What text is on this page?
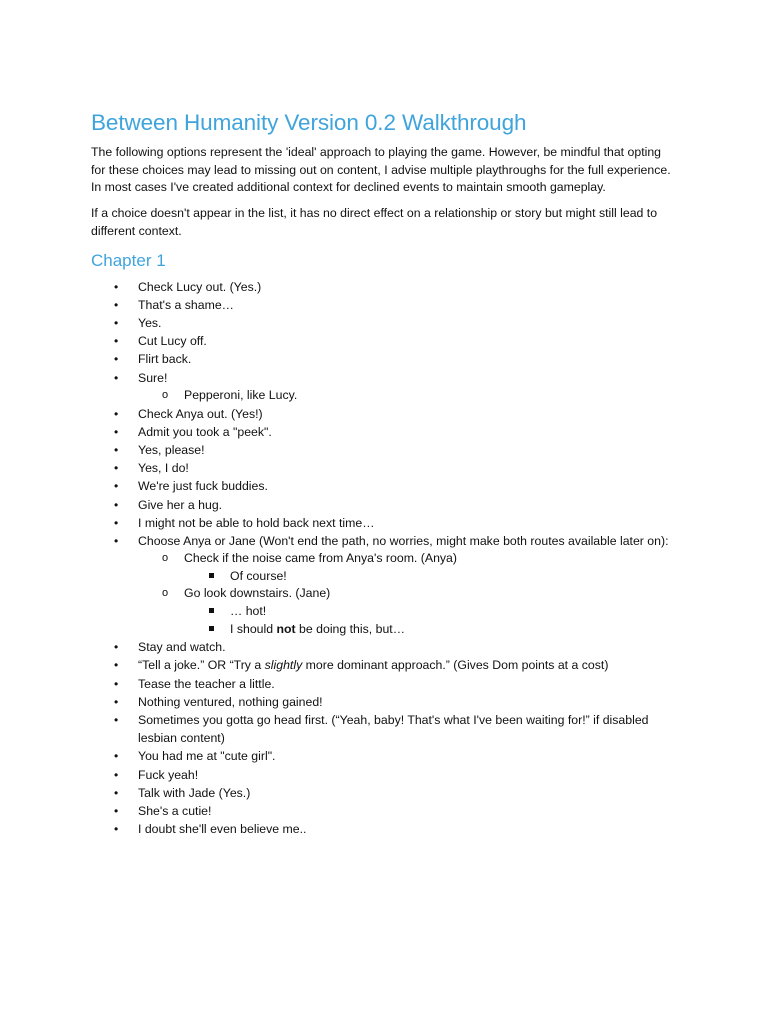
Between Humanity Version 0.2 Walkthrough

The following options represent the 'ideal' approach to playing the game. However, be mindful that opting for these choices may lead to missing out on content, I advise multiple playthroughs for the full experience. In most cases I've created additional context for declined events to maintain smooth gameplay.

If a choice doesn't appear in the list, it has no direct effect on a relationship or story but might still lead to different context.

Chapter 1
• Check Lucy out. (Yes.)
• That's a shame…
• Yes.
• Cut Lucy off.
• Flirt back.
• Sure!
o Pepperoni, like Lucy.
• Check Anya out. (Yes!)
• Admit you took a "peek".
• Yes, please!
• Yes, I do!
• We're just fuck buddies.
• Give her a hug.
• I might not be able to hold back next time…
• Choose Anya or Jane (Won't end the path, no worries, might make both routes available later on):
o Check if the noise came from Anya's room. (Anya)
Of course!
o Go look downstairs. (Jane)
… hot!
I should not be doing this, but…
• Stay and watch.
• “Tell a joke.” OR “Try a slightly more dominant approach.” (Gives Dom points at a cost)
• Tease the teacher a little.
• Nothing ventured, nothing gained!
• Sometimes you gotta go head first. (“Yeah, baby! That's what I've been waiting for!” if disabled lesbian content)
• You had me at "cute girl".
• Fuck yeah!
• Talk with Jade (Yes.)
• She's a cutie!
• I doubt she'll even believe me..
